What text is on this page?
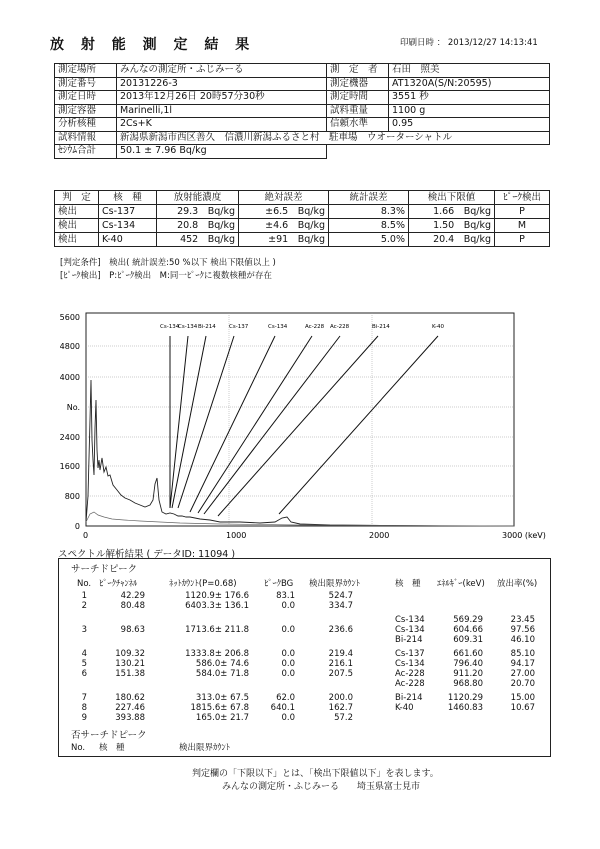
放 射 能 測 定 結 果	印刷日時 ： 2013/12/27 14:13:41
測定場所	みんなの測定所・ふじみーる	測　定　者	石田　照美
測定番号	20131226-3	測定機器	AT1320A(S/N:20595)
測定日時	2013年12月26日 20時57分30秒	測定時間	3551 秒
測定容器	Marinelli,1l	試料重量	1100 g
分析核種	2Cs+K	信頼水準	0.95
試料情報	新潟県新潟市西区善久　信濃川新潟ふるさと村　駐車場　ウオーターシャトル		
ｾｼｳﾑ合計	50.1 ± 7.96 Bq/kg		
判　定	核　種	放射能濃度	絶対誤差	統計誤差	検出下限値	ﾋﾟｰｸ検出
検出	Cs-137	29.3　Bq/kg	±6.5　Bq/kg	8.3%	1.66　Bq/kg	P
検出	Cs-134	20.8　Bq/kg	±4.6　Bq/kg	8.5%	1.50　Bq/kg	M
検出	K-40	452　Bq/kg	±91　Bq/kg	5.0%	20.4　Bq/kg	P
[判定条件]　検出( 統計誤差:50 %以下 検出下限値以上 )
[ﾋﾟｰｸ検出]　P:ﾋﾟｰｸ検出　M:同一ﾋﾟｰｸに複数核種が存在
5600
4800
4000
No.
2400
1600
800
0
0	1000	2000	3000 (keV)
Cs-134
Cs-134 Bi-214 Cs-137	Cs-134	Ac-228 Ac-228	Bi-214	K-40
スペクトル解析結果 ( データID: 11094 )
サーチドピーク
No. ﾋﾟｰｸﾁｬﾝﾈﾙ	ﾈｯﾄｶｳﾝﾄ(P=0.68)	ﾋﾟｰｸBG 検出限界ｶｳﾝﾄ	核　種 ｴﾈﾙｷﾞｰ(keV) 放出率(%)
1	42.29	1120.9± 176.6	83.1	524.7
2	80.48	6403.3± 136.1	0.0	334.7
3	98.63	1713.6± 211.8	0.0	236.6
Cs-134	569.29	23.45
Cs-134	604.66	97.56
Bi-214	609.31	46.10
4	109.32	1333.8± 206.8	0.0	219.4	Cs-137	661.60	85.10
5	130.21	586.0± 74.6	0.0	216.1	Cs-134	796.40	94.17
6	151.38	584.0± 71.8	0.0	207.5	Ac-228	911.20	27.00
Ac-228	968.80	20.70
7	180.62	313.0± 67.5	62.0	200.0	Bi-214	1120.29	15.00
8	227.46	1815.6± 67.8	640.1	162.7	K-40	1460.83	10.67
9	393.88	165.0± 21.7	0.0	57.2
否サーチドピーク
No. 核　種	検出限界ｶｳﾝﾄ
判定欄の「下限以下」とは、「検出下限値以下」を表します。
みんなの測定所・ふじみーる　　埼玉県富士見市
